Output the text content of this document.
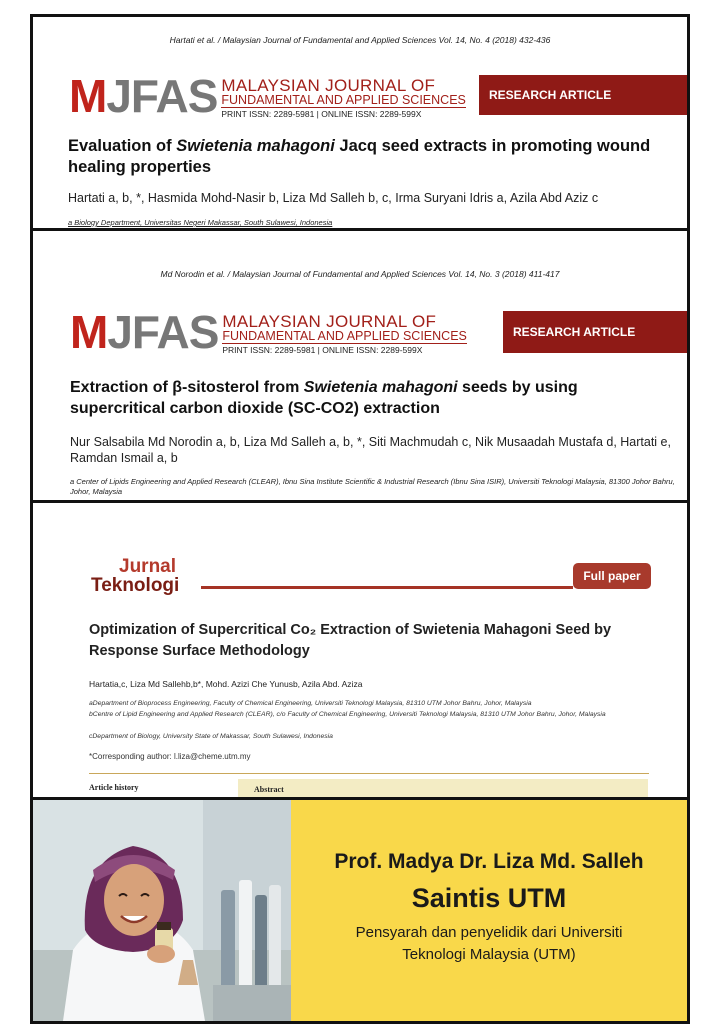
Hartati et al. / Malaysian Journal of Fundamental and Applied Sciences Vol. 14, No. 4 (2018) 432-436
MJFAS MALAYSIAN JOURNAL OF
FUNDAMENTAL AND APPLIED SCIENCES
PRINT ISSN: 2289-5981 | ONLINE ISSN: 2289-599X
RESEARCH ARTICLE
Evaluation of Swietenia mahagoni Jacq seed extracts in promoting wound healing properties
Hartati a, b, *, Hasmida Mohd-Nasir b, Liza Md Salleh b, c, Irma Suryani Idris a, Azila Abd Aziz c
a Biology Department, Universitas Negeri Makassar, South Sulawesi, Indonesia
Md Norodin et al. / Malaysian Journal of Fundamental and Applied Sciences Vol. 14, No. 3 (2018) 411-417
MJFAS MALAYSIAN JOURNAL OF
FUNDAMENTAL AND APPLIED SCIENCES
PRINT ISSN: 2289-5981 | ONLINE ISSN: 2289-599X
RESEARCH ARTICLE
Extraction of β-sitosterol from Swietenia mahagoni seeds by using supercritical carbon dioxide (SC-CO2) extraction
Nur Salsabila Md Norodin a, b, Liza Md Salleh a, b, *, Siti Machmudah c, Nik Musaadah Mustafa d, Hartati e, Ramdan Ismail a, b
a Center of Lipids Engineering and Applied Research (CLEAR), Ibnu Sina Institute Scientific & Industrial Research (Ibnu Sina ISIR), Universiti Teknologi Malaysia, 81300 Johor Bahru, Johor, Malaysia
Jurnal
Teknologi	Full paper
Optimization of Supercritical Co₂ Extraction of Swietenia Mahagoni Seed by Response Surface Methodology
Hartatia,c, Liza Md Sallehb,b*, Mohd. Azizi Che Yunusb, Azila Abd. Aziza
aDepartment of Bioprocess Engineering, Faculty of Chemical Engineering, Universiti Teknologi Malaysia, 81310 UTM Johor Bahru, Johor, Malaysia
bCentre of Lipid Engineering and Applied Research (CLEAR), c/o Faculty of Chemical Engineering, Universiti Teknologi Malaysia, 81310 UTM Johor Bahru, Johor, Malaysia
cDepartment of Biology, University State of Makassar, South Sulawesi, Indonesia
*Corresponding author: l.liza@cheme.utm.my
Article history	Abstract
Prof. Madya Dr. Liza Md. Salleh
Saintis UTM
Pensyarah dan penyelidik dari Universiti
Teknologi Malaysia (UTM)
